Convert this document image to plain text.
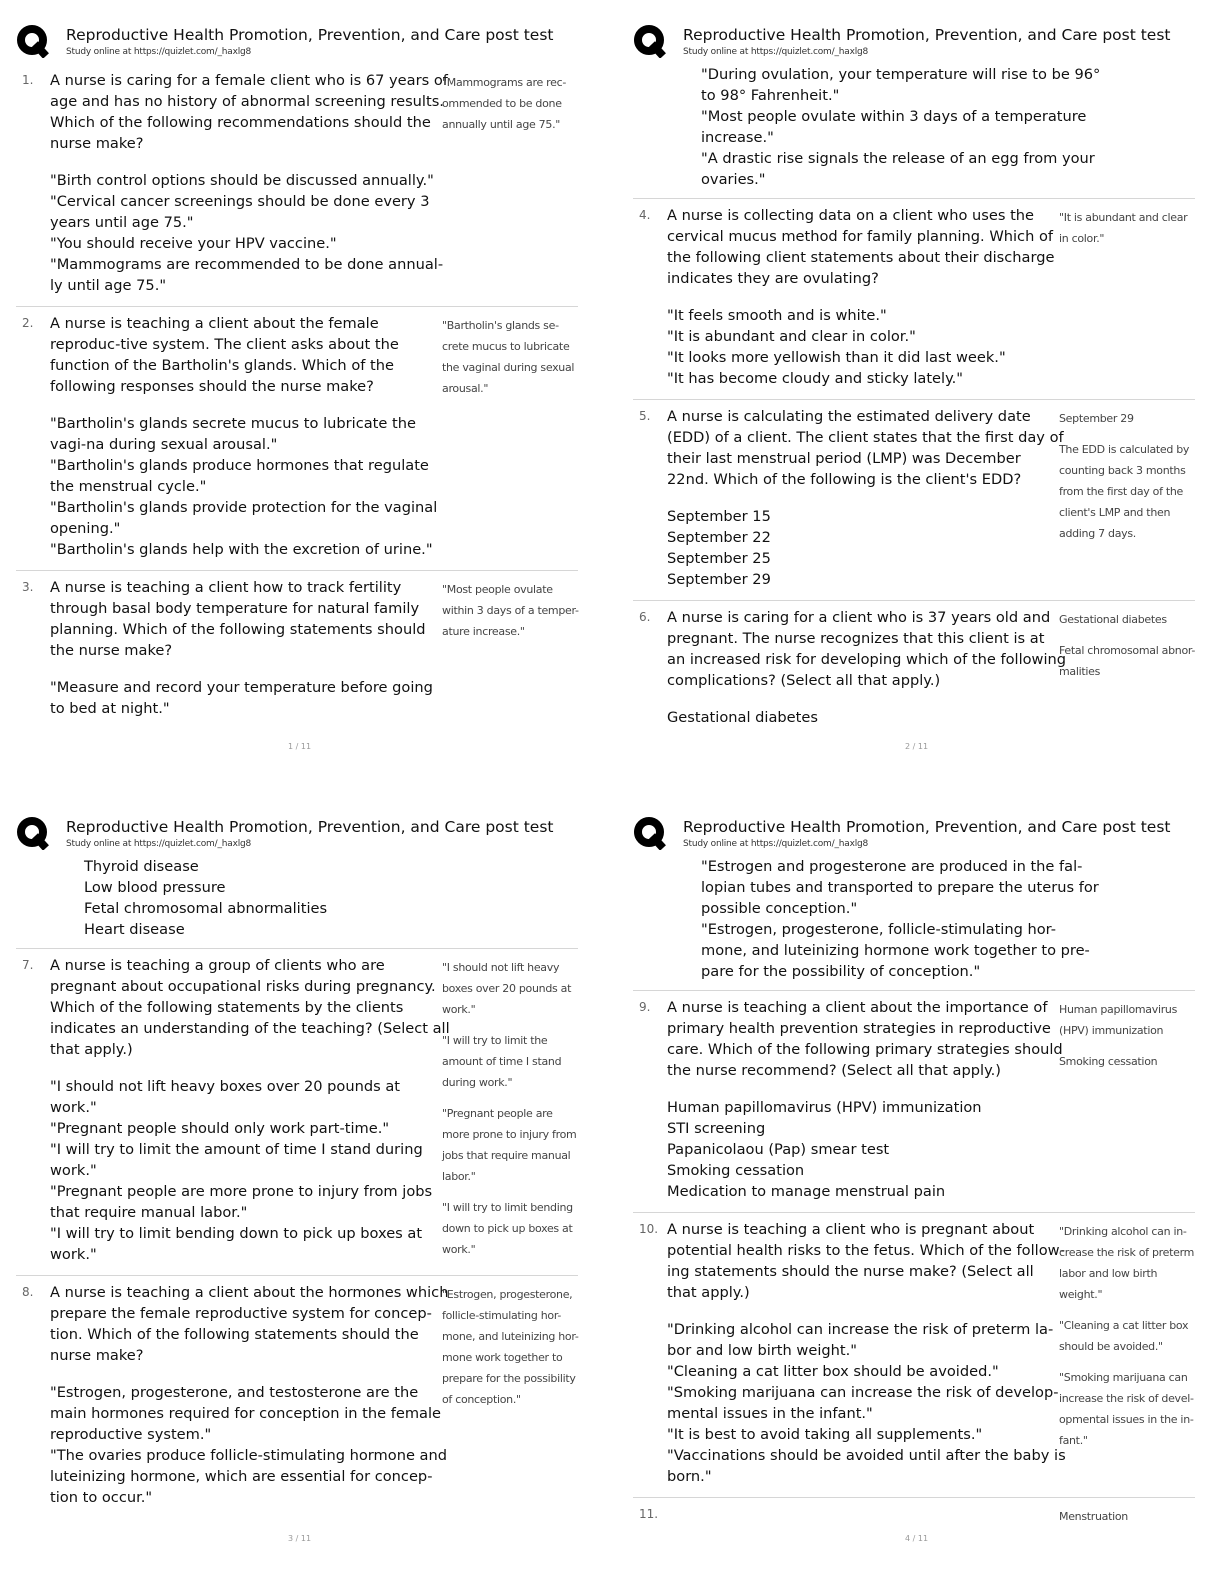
Reproductive Health Promotion, Prevention, and Care post test
Study online at https://quizlet.com/_haxlg8
1. A nurse is caring for a female client who is 67 years of age and has no history of abnormal screening results. Which of the following recommendations should the nurse make?
"Birth control options should be discussed annually."
"Cervical cancer screenings should be done every 3 years until age 75."
"You should receive your HPV vaccine."
"Mammograms are recommended to be done annual-ly until age 75."
"Mammograms are rec-ommended to be done annually until age 75."
2. A nurse is teaching a client about the female reproduc-tive system. The client asks about the function of the Bartholin's glands. Which of the following responses should the nurse make?
"Bartholin's glands secrete mucus to lubricate the vagi-na during sexual arousal."
"Bartholin's glands produce hormones that regulate the menstrual cycle."
"Bartholin's glands provide protection for the vaginal opening."
"Bartholin's glands help with the excretion of urine."
"Bartholin's glands se-crete mucus to lubricate the vaginal during sexual arousal."
3. A nurse is teaching a client how to track fertility through basal body temperature for natural family planning. Which of the following statements should the nurse make?
"Measure and record your temperature before going to bed at night."
"Most people ovulate within 3 days of a temper-ature increase."
1 / 11
Reproductive Health Promotion, Prevention, and Care post test
Study online at https://quizlet.com/_haxlg8
"During ovulation, your temperature will rise to be 96° to 98° Fahrenheit."
"Most people ovulate within 3 days of a temperature increase."
"A drastic rise signals the release of an egg from your ovaries."
4. A nurse is collecting data on a client who uses the cervical mucus method for family planning. Which of the following client statements about their discharge indicates they are ovulating?
"It feels smooth and is white."
"It is abundant and clear in color."
"It looks more yellowish than it did last week."
"It has become cloudy and sticky lately."
"It is abundant and clear in color."
5. A nurse is calculating the estimated delivery date (EDD) of a client. The client states that the first day of their last menstrual period (LMP) was December 22nd. Which of the following is the client's EDD?
September 15
September 22
September 25
September 29
September 29
The EDD is calculated by counting back 3 months from the first day of the client's LMP and then adding 7 days.
6. A nurse is caring for a client who is 37 years old and pregnant. The nurse recognizes that this client is at an increased risk for developing which of the following complications? (Select all that apply.)
Gestational diabetes
Gestational diabetes
Fetal chromosomal abnor-malities
2 / 11
Reproductive Health Promotion, Prevention, and Care post test
Study online at https://quizlet.com/_haxlg8
Thyroid disease
Low blood pressure
Fetal chromosomal abnormalities
Heart disease
7. A nurse is teaching a group of clients who are pregnant about occupational risks during pregnancy. Which of the following statements by the clients indicates an understanding of the teaching? (Select all that apply.)
"I should not lift heavy boxes over 20 pounds at work."
"Pregnant people should only work part-time."
"I will try to limit the amount of time I stand during work."
"Pregnant people are more prone to injury from jobs that require manual labor."
"I will try to limit bending down to pick up boxes at work."
"I should not lift heavy boxes over 20 pounds at work."
"I will try to limit the amount of time I stand during work."
"Pregnant people are more prone to injury from jobs that require manual labor."
"I will try to limit bending down to pick up boxes at work."
8. A nurse is teaching a client about the hormones which prepare the female reproductive system for concep-tion. Which of the following statements should the nurse make?
"Estrogen, progesterone, and testosterone are the main hormones required for conception in the female reproductive system."
"The ovaries produce follicle-stimulating hormone and luteinizing hormone, which are essential for concep-tion to occur."
"Estrogen, progesterone, follicle-stimulating hor-mone, and luteinizing hor-mone work together to prepare for the possibility of conception."
3 / 11
Reproductive Health Promotion, Prevention, and Care post test
Study online at https://quizlet.com/_haxlg8
"Estrogen and progesterone are produced in the fal-lopian tubes and transported to prepare the uterus for possible conception."
"Estrogen, progesterone, follicle-stimulating hor-mone, and luteinizing hormone work together to pre-pare for the possibility of conception."
9. A nurse is teaching a client about the importance of primary health prevention strategies in reproductive care. Which of the following primary strategies should the nurse recommend? (Select all that apply.)
Human papillomavirus (HPV) immunization
STI screening
Papanicolaou (Pap) smear test
Smoking cessation
Medication to manage menstrual pain
Human papillomavirus (HPV) immunization
Smoking cessation
10. A nurse is teaching a client who is pregnant about potential health risks to the fetus. Which of the follow-ing statements should the nurse make? (Select all that apply.)
"Drinking alcohol can increase the risk of preterm la-bor and low birth weight."
"Cleaning a cat litter box should be avoided."
"Smoking marijuana can increase the risk of develop-mental issues in the infant."
"It is best to avoid taking all supplements."
"Vaccinations should be avoided until after the baby is born."
"Drinking alcohol can in-crease the risk of preterm labor and low birth weight."
"Cleaning a cat litter box should be avoided."
"Smoking marijuana can increase the risk of devel-opmental issues in the in-fant."
11.	Menstruation
4 / 11
